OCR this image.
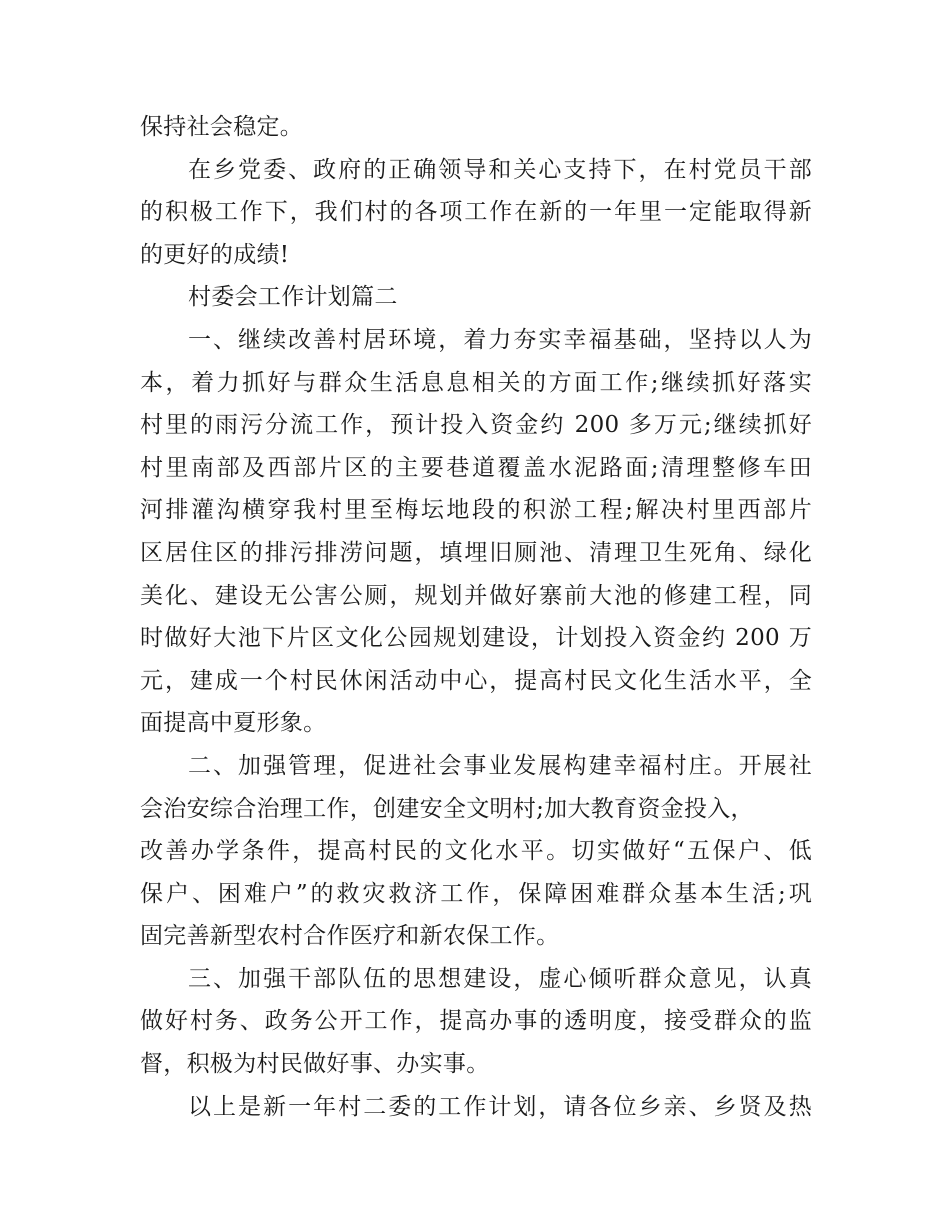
保持社会稳定。
在乡党委、政府的正确领导和关心支持下，在村党员干部
的积极工作下，我们村的各项工作在新的一年里一定能取得新
的更好的成绩!
村委会工作计划篇二
一、继续改善村居环境，着力夯实幸福基础，坚持以人为
本，着力抓好与群众生活息息相关的方面工作;继续抓好落实
村里的雨污分流工作，预计投入资金约 200 多万元;继续抓好
村里南部及西部片区的主要巷道覆盖水泥路面;清理整修车田
河排灌沟横穿我村里至梅坛地段的积淤工程;解决村里西部片
区居住区的排污排涝问题，填埋旧厕池、清理卫生死角、绿化
美化、建设无公害公厕，规划并做好寨前大池的修建工程，同
时做好大池下片区文化公园规划建设，计划投入资金约 200 万
元，建成一个村民休闲活动中心，提高村民文化生活水平，全
面提高中夏形象。
二、加强管理，促进社会事业发展构建幸福村庄。开展社
会治安综合治理工作，创建安全文明村;加大教育资金投入，
改善办学条件，提高村民的文化水平。切实做好“五保户、低
保户、困难户”的救灾救济工作，保障困难群众基本生活;巩
固完善新型农村合作医疗和新农保工作。
三、加强干部队伍的思想建设，虚心倾听群众意见，认真
做好村务、政务公开工作，提高办事的透明度，接受群众的监
督，积极为村民做好事、办实事。
以上是新一年村二委的工作计划，请各位乡亲、乡贤及热
